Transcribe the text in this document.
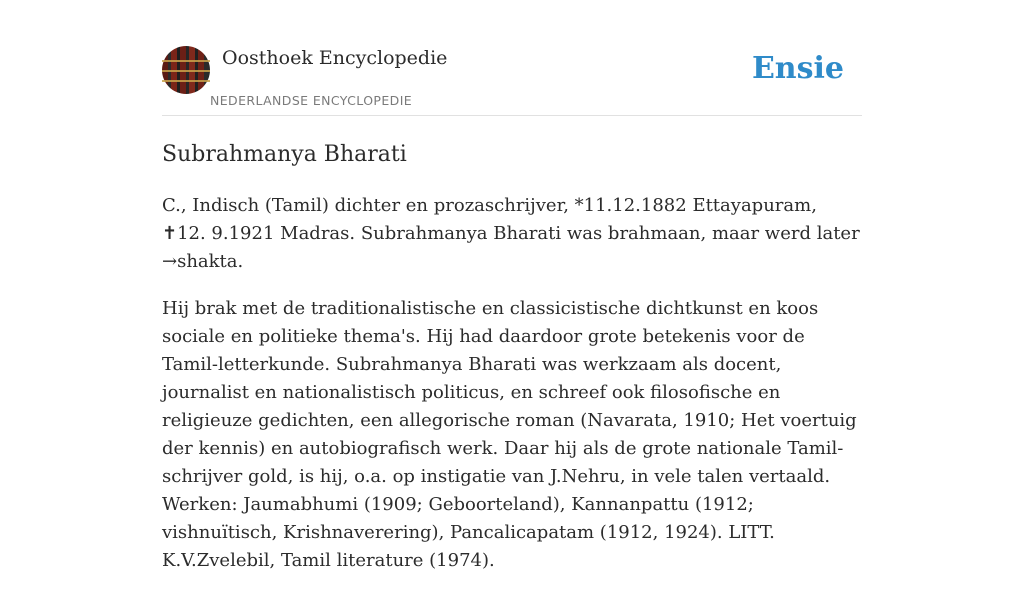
Oosthoek Encyclopedie
NEDERLANDSE ENCYCLOPEDIE
Ensie
Subrahmanya Bharati

C., Indisch (Tamil) dichter en prozaschrijver, *11.12.1882 Ettayapuram, ✝12. 9.1921 Madras. Subrahmanya Bharati was brahmaan, maar werd later →shakta.

Hij brak met de traditionalistische en classicistische dichtkunst en koos sociale en politieke thema's. Hij had daardoor grote betekenis voor de Tamil-letterkunde. Subrahmanya Bharati was werkzaam als docent, journalist en nationalistisch politicus, en schreef ook filosofische en religieuze gedichten, een allegorische roman (Navarata, 1910; Het voertuig der kennis) en autobiografisch werk. Daar hij als de grote nationale Tamil-schrijver gold, is hij, o.a. op instigatie van J.Nehru, in vele talen vertaald. Werken: Jaumabhumi (1909; Geboorteland), Kannanpattu (1912; vishnuïtisch, Krishnaverering), Pancalicapatam (1912, 1924). LITT. K.V.Zvelebil, Tamil literature (1974).
